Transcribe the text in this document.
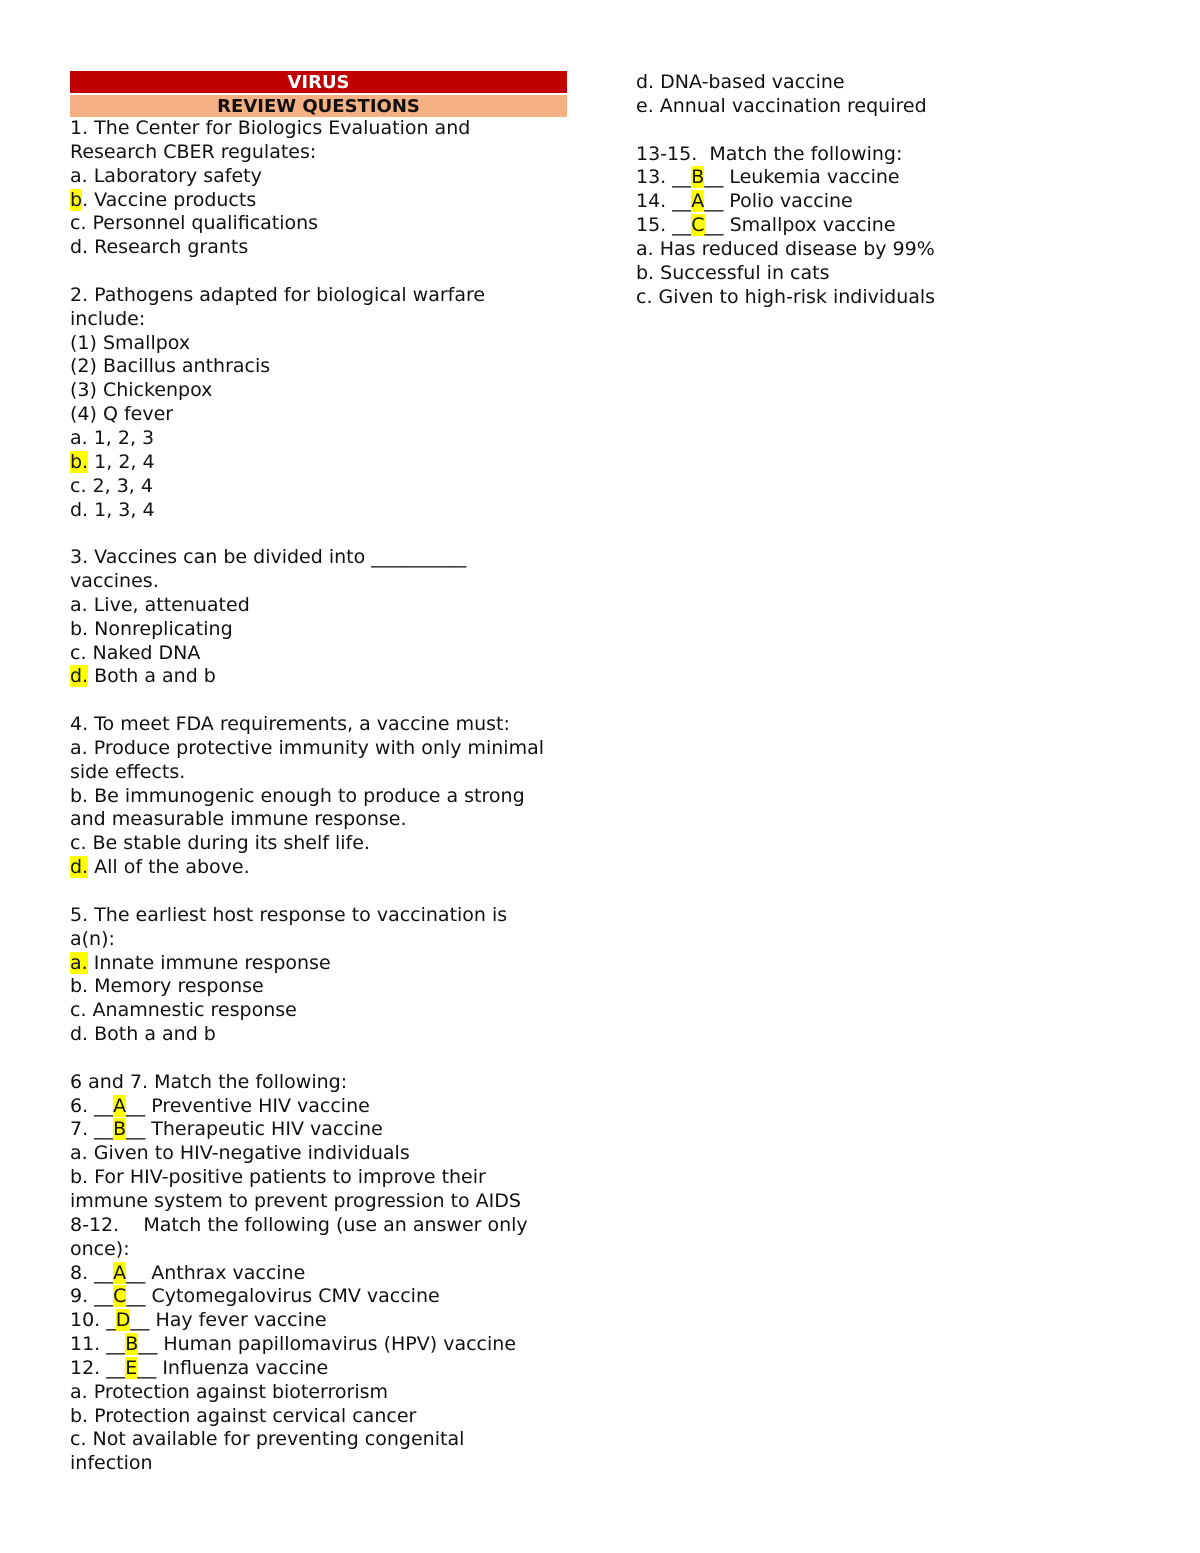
VIRUS
REVIEW QUESTIONS
1. The Center for Biologics Evaluation and
Research CBER regulates:
a. Laboratory safety
b. Vaccine products
c. Personnel qualifications
d. Research grants
2. Pathogens adapted for biological warfare
include:
(1) Smallpox
(2) Bacillus anthracis
(3) Chickenpox
(4) Q fever
a. 1, 2, 3
b. 1, 2, 4
c. 2, 3, 4
d. 1, 3, 4
3. Vaccines can be divided into __________
vaccines.
a. Live, attenuated
b. Nonreplicating
c. Naked DNA
d. Both a and b
4. To meet FDA requirements, a vaccine must:
a. Produce protective immunity with only minimal
side effects.
b. Be immunogenic enough to produce a strong
and measurable immune response.
c. Be stable during its shelf life.
d. All of the above.
5. The earliest host response to vaccination is
a(n):
a. Innate immune response
b. Memory response
c. Anamnestic response
d. Both a and b
6 and 7. Match the following:
6. __A__ Preventive HIV vaccine
7. __B__ Therapeutic HIV vaccine
a. Given to HIV-negative individuals
b. For HIV-positive patients to improve their
immune system to prevent progression to AIDS
8-12.    Match the following (use an answer only
once):
8. __A__ Anthrax vaccine
9. __C__ Cytomegalovirus CMV vaccine
10. _D__ Hay fever vaccine
11. __B__ Human papillomavirus (HPV) vaccine
12. __E__ Influenza vaccine
a. Protection against bioterrorism
b. Protection against cervical cancer
c. Not available for preventing congenital
infection
d. DNA-based vaccine
e. Annual vaccination required
13-15.  Match the following:
13. __B__ Leukemia vaccine
14. __A__ Polio vaccine
15. __C__ Smallpox vaccine
a. Has reduced disease by 99%
b. Successful in cats
c. Given to high-risk individuals
